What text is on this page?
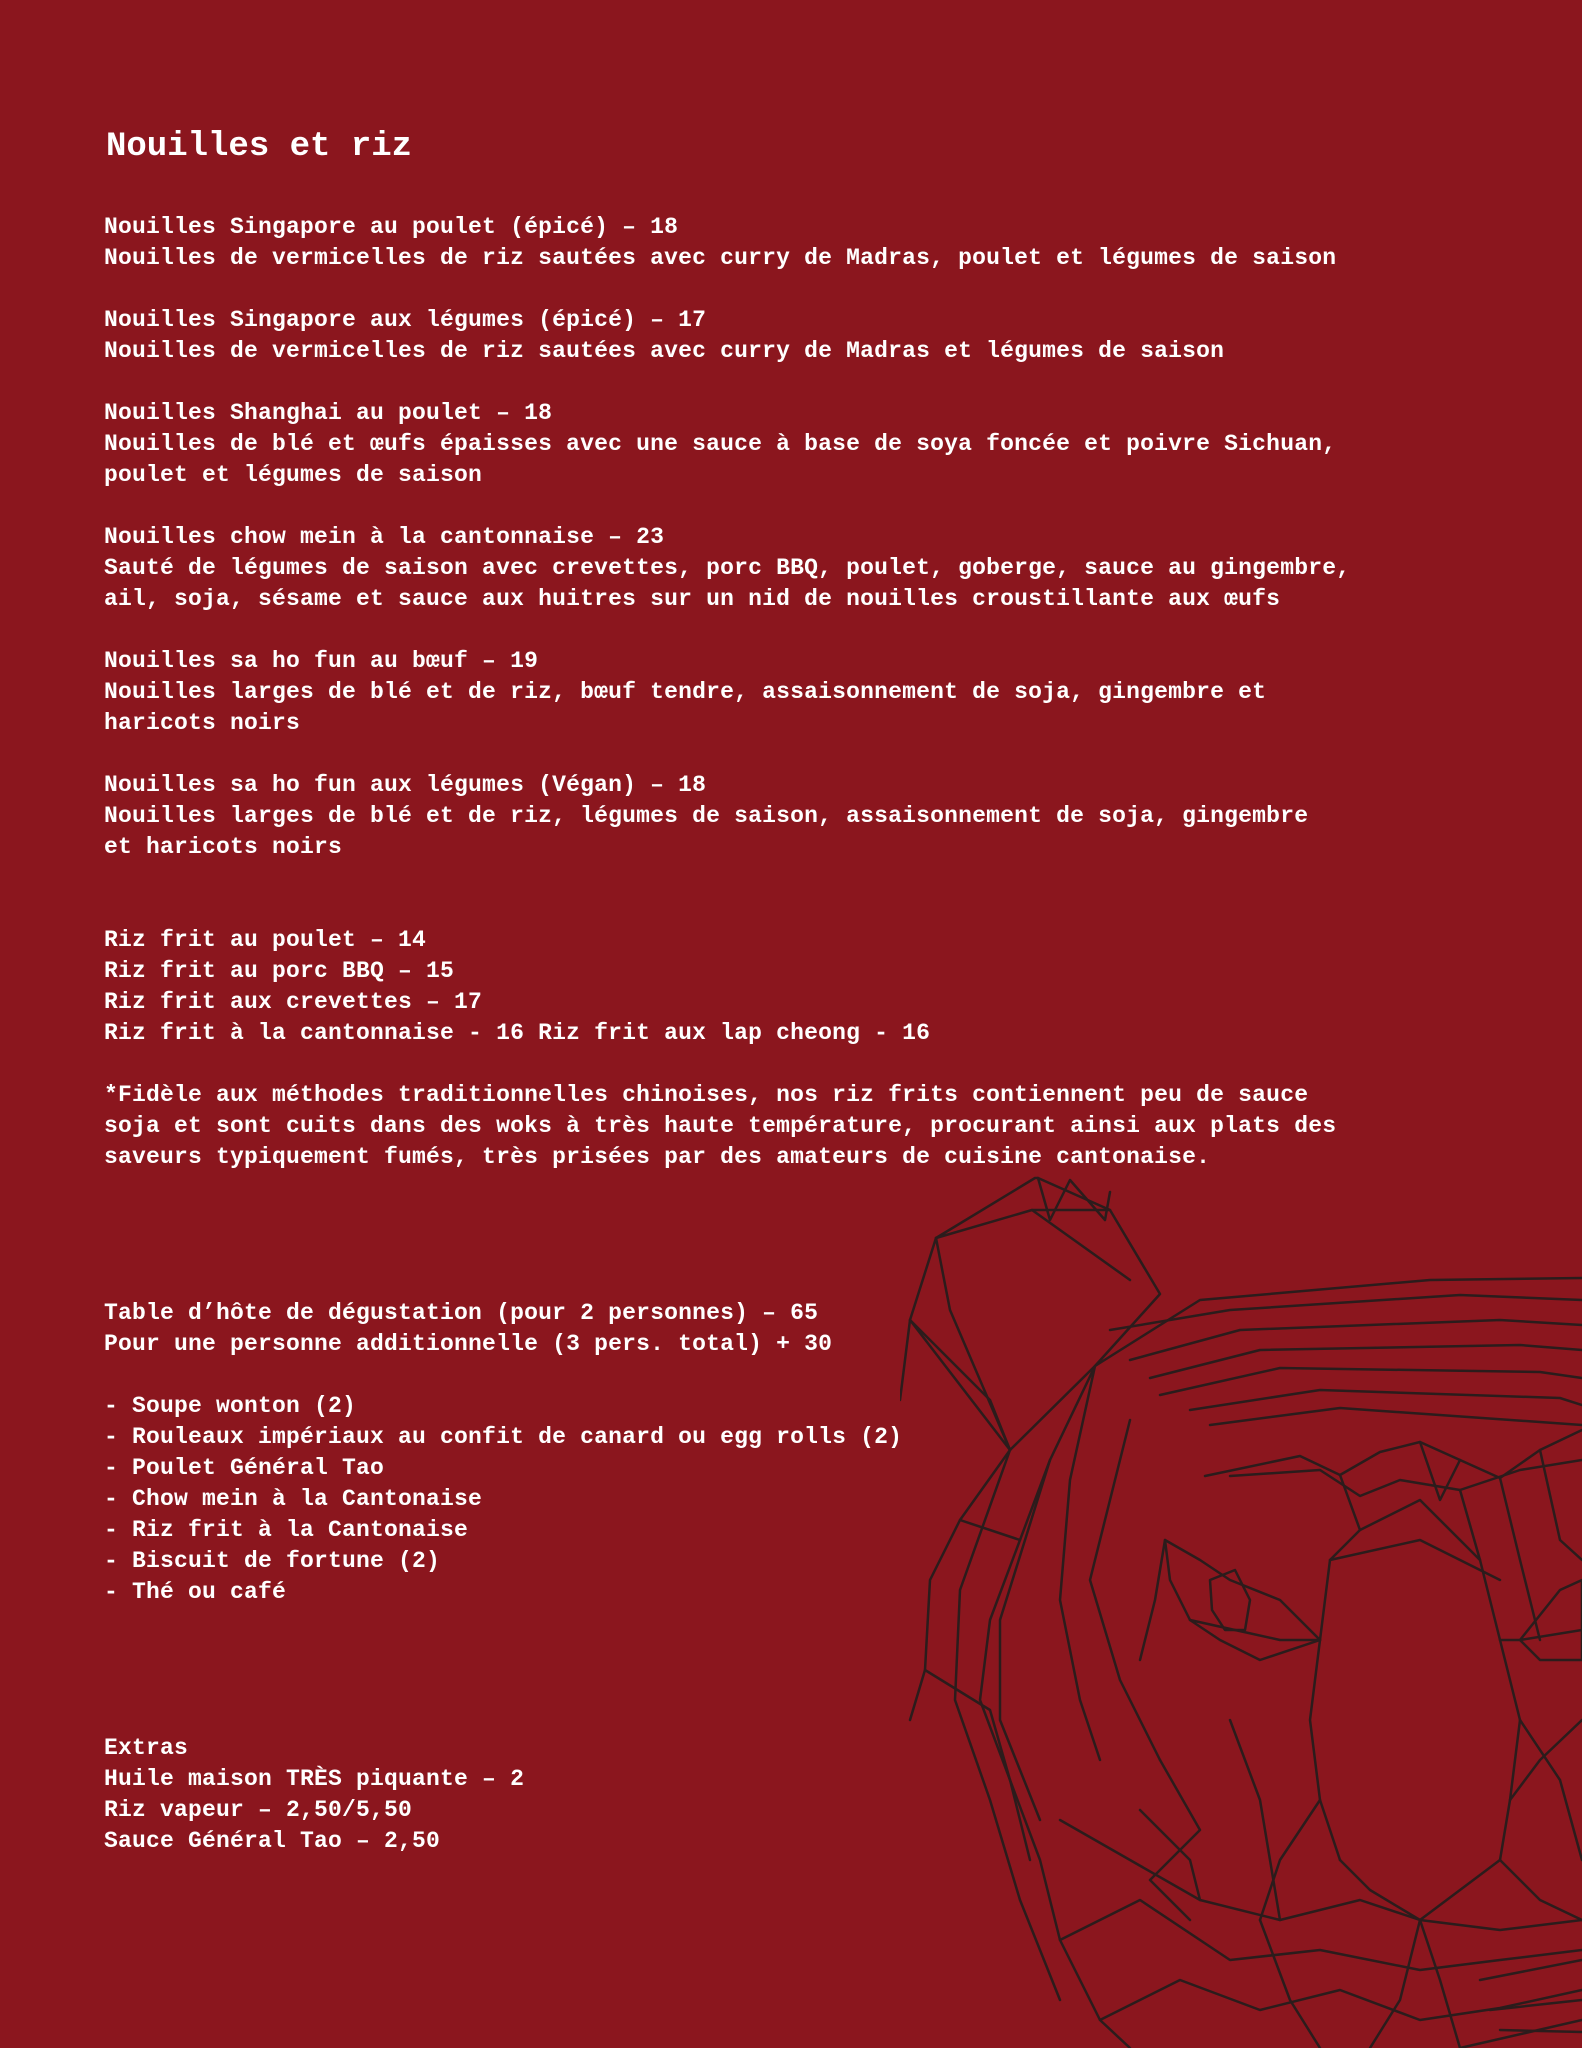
Nouilles et riz
Nouilles Singapore au poulet (épicé) – 18
Nouilles de vermicelles de riz sautées avec curry de Madras, poulet et légumes de saison
Nouilles Singapore aux légumes (épicé) – 17
Nouilles de vermicelles de riz sautées avec curry de Madras et légumes de saison
Nouilles Shanghai au poulet – 18
Nouilles de blé et œufs épaisses avec une sauce à base de soya foncée et poivre Sichuan,
poulet et légumes de saison
Nouilles chow mein à la cantonnaise – 23
Sauté de légumes de saison avec crevettes, porc BBQ, poulet, goberge, sauce au gingembre,
ail, soja, sésame et sauce aux huitres sur un nid de nouilles croustillante aux œufs
Nouilles sa ho fun au bœuf – 19
Nouilles larges de blé et de riz, bœuf tendre, assaisonnement de soja, gingembre et
haricots noirs
Nouilles sa ho fun aux légumes (Végan) – 18
Nouilles larges de blé et de riz, légumes de saison, assaisonnement de soja, gingembre
et haricots noirs
Riz frit au poulet – 14
Riz frit au porc BBQ – 15
Riz frit aux crevettes – 17
Riz frit à la cantonnaise - 16 Riz frit aux lap cheong - 16
*Fidèle aux méthodes traditionnelles chinoises, nos riz frits contiennent peu de sauce
soja et sont cuits dans des woks à très haute température, procurant ainsi aux plats des
saveurs typiquement fumés, très prisées par des amateurs de cuisine cantonaise.
Table d’hôte de dégustation (pour 2 personnes) – 65
Pour une personne additionnelle (3 pers. total) + 30
- Soupe wonton (2)
- Rouleaux impériaux au confit de canard ou egg rolls (2)
- Poulet Général Tao
- Chow mein à la Cantonaise
- Riz frit à la Cantonaise
- Biscuit de fortune (2)
- Thé ou café
Extras
Huile maison TRÈS piquante – 2
Riz vapeur – 2,50/5,50
Sauce Général Tao – 2,50
